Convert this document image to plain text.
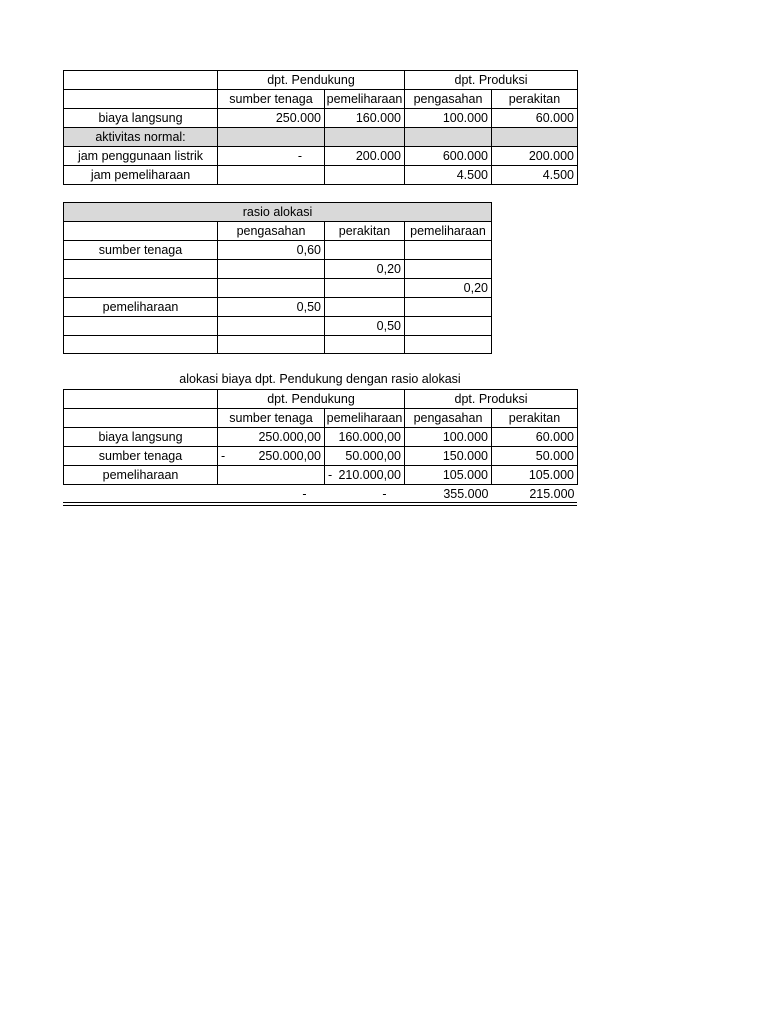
	dpt. Pendukung		dpt. Produksi	
	sumber tenaga	pemeliharaan	pengasahan	perakitan
biaya langsung	250.000	160.000	100.000	60.000
aktivitas normal:				
jam penggunaan listrik	-	200.000	600.000	200.000
jam pemeliharaan			4.500	4.500
rasio alokasi			
	pengasahan	perakitan	pemeliharaan
sumber tenaga	0,60		
		0,20	
			0,20
pemeliharaan	0,50		
		0,50	

alokasi biaya dpt. Pendukung dengan rasio alokasi
	dpt. Pendukung		dpt. Produksi	
	sumber tenaga	pemeliharaan	pengasahan	perakitan
biaya langsung	250.000,00	160.000,00	100.000	60.000
sumber tenaga	- 250.000,00	50.000,00	150.000	50.000
pemeliharaan		- 210.000,00	105.000	105.000
	-	-	355.000	215.000
